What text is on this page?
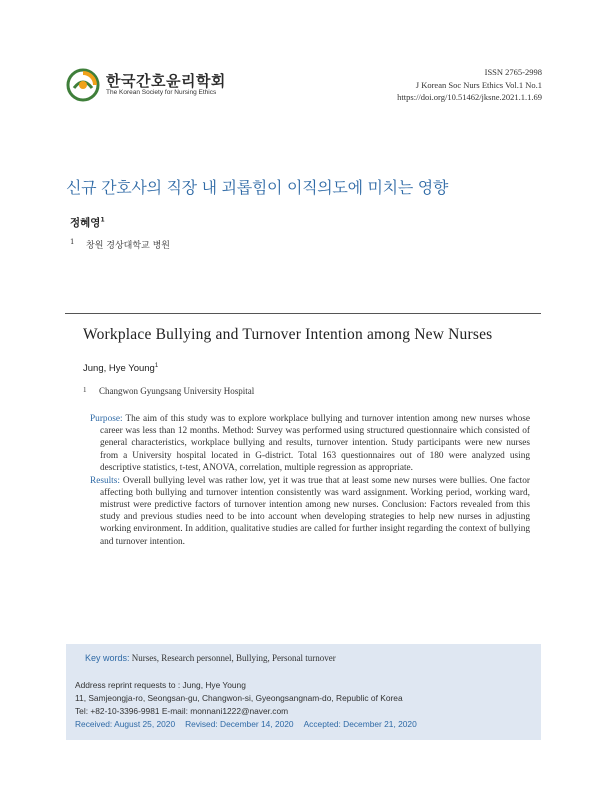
한국간호윤리학회
The Korean Society for Nursing Ethics
ISSN 2765-2998
J Korean Soc Nurs Ethics Vol.1 No.1
https://doi.org/10.51462/jksne.2021.1.1.69
신규 간호사의 직장 내 괴롭힘이 이직의도에 미치는 영향
정혜영$^1$
1 창원 경상대학교 병원
Workplace Bullying and Turnover Intention among New Nurses
Jung, Hye Young$^1$
1 Changwon Gyungsang University Hospital

Purpose: The aim of this study was to explore workplace bullying and turnover intention among new nurses whose career was less than 12 months. Method: Survey was performed using structured questionnaire which consisted of general characteristics, workplace bullying and results, turnover intention. Study participants were new nurses from a University hospital located in G-district. Total 163 questionnaires out of 180 were analyzed using descriptive statistics, t-test, ANOVA, correlation, multiple regression as appropriate.

Results: Overall bullying level was rather low, yet it was true that at least some new nurses were bullies. One factor affecting both bullying and turnover intention consistently was ward assignment. Working period, working ward, mistrust were predictive factors of turnover intention among new nurses. Conclusion: Factors revealed from this study and previous studies need to be into account when developing strategies to help new nurses in adjusting working environment. In addition, qualitative studies are called for further insight regarding the context of bullying and turnover intention.

Key words: Nurses, Research personnel, Bullying, Personal turnover
Address reprint requests to : Jung, Hye Young
11, Samjeongja-ro, Seongsan-gu, Changwon-si, Gyeongsangnam-do, Republic of Korea
Tel: +82-10-3396-9981 E-mail: monnani1222@naver.com
Received: August 25, 2020 Revised: December 14, 2020 Accepted: December 21, 2020
